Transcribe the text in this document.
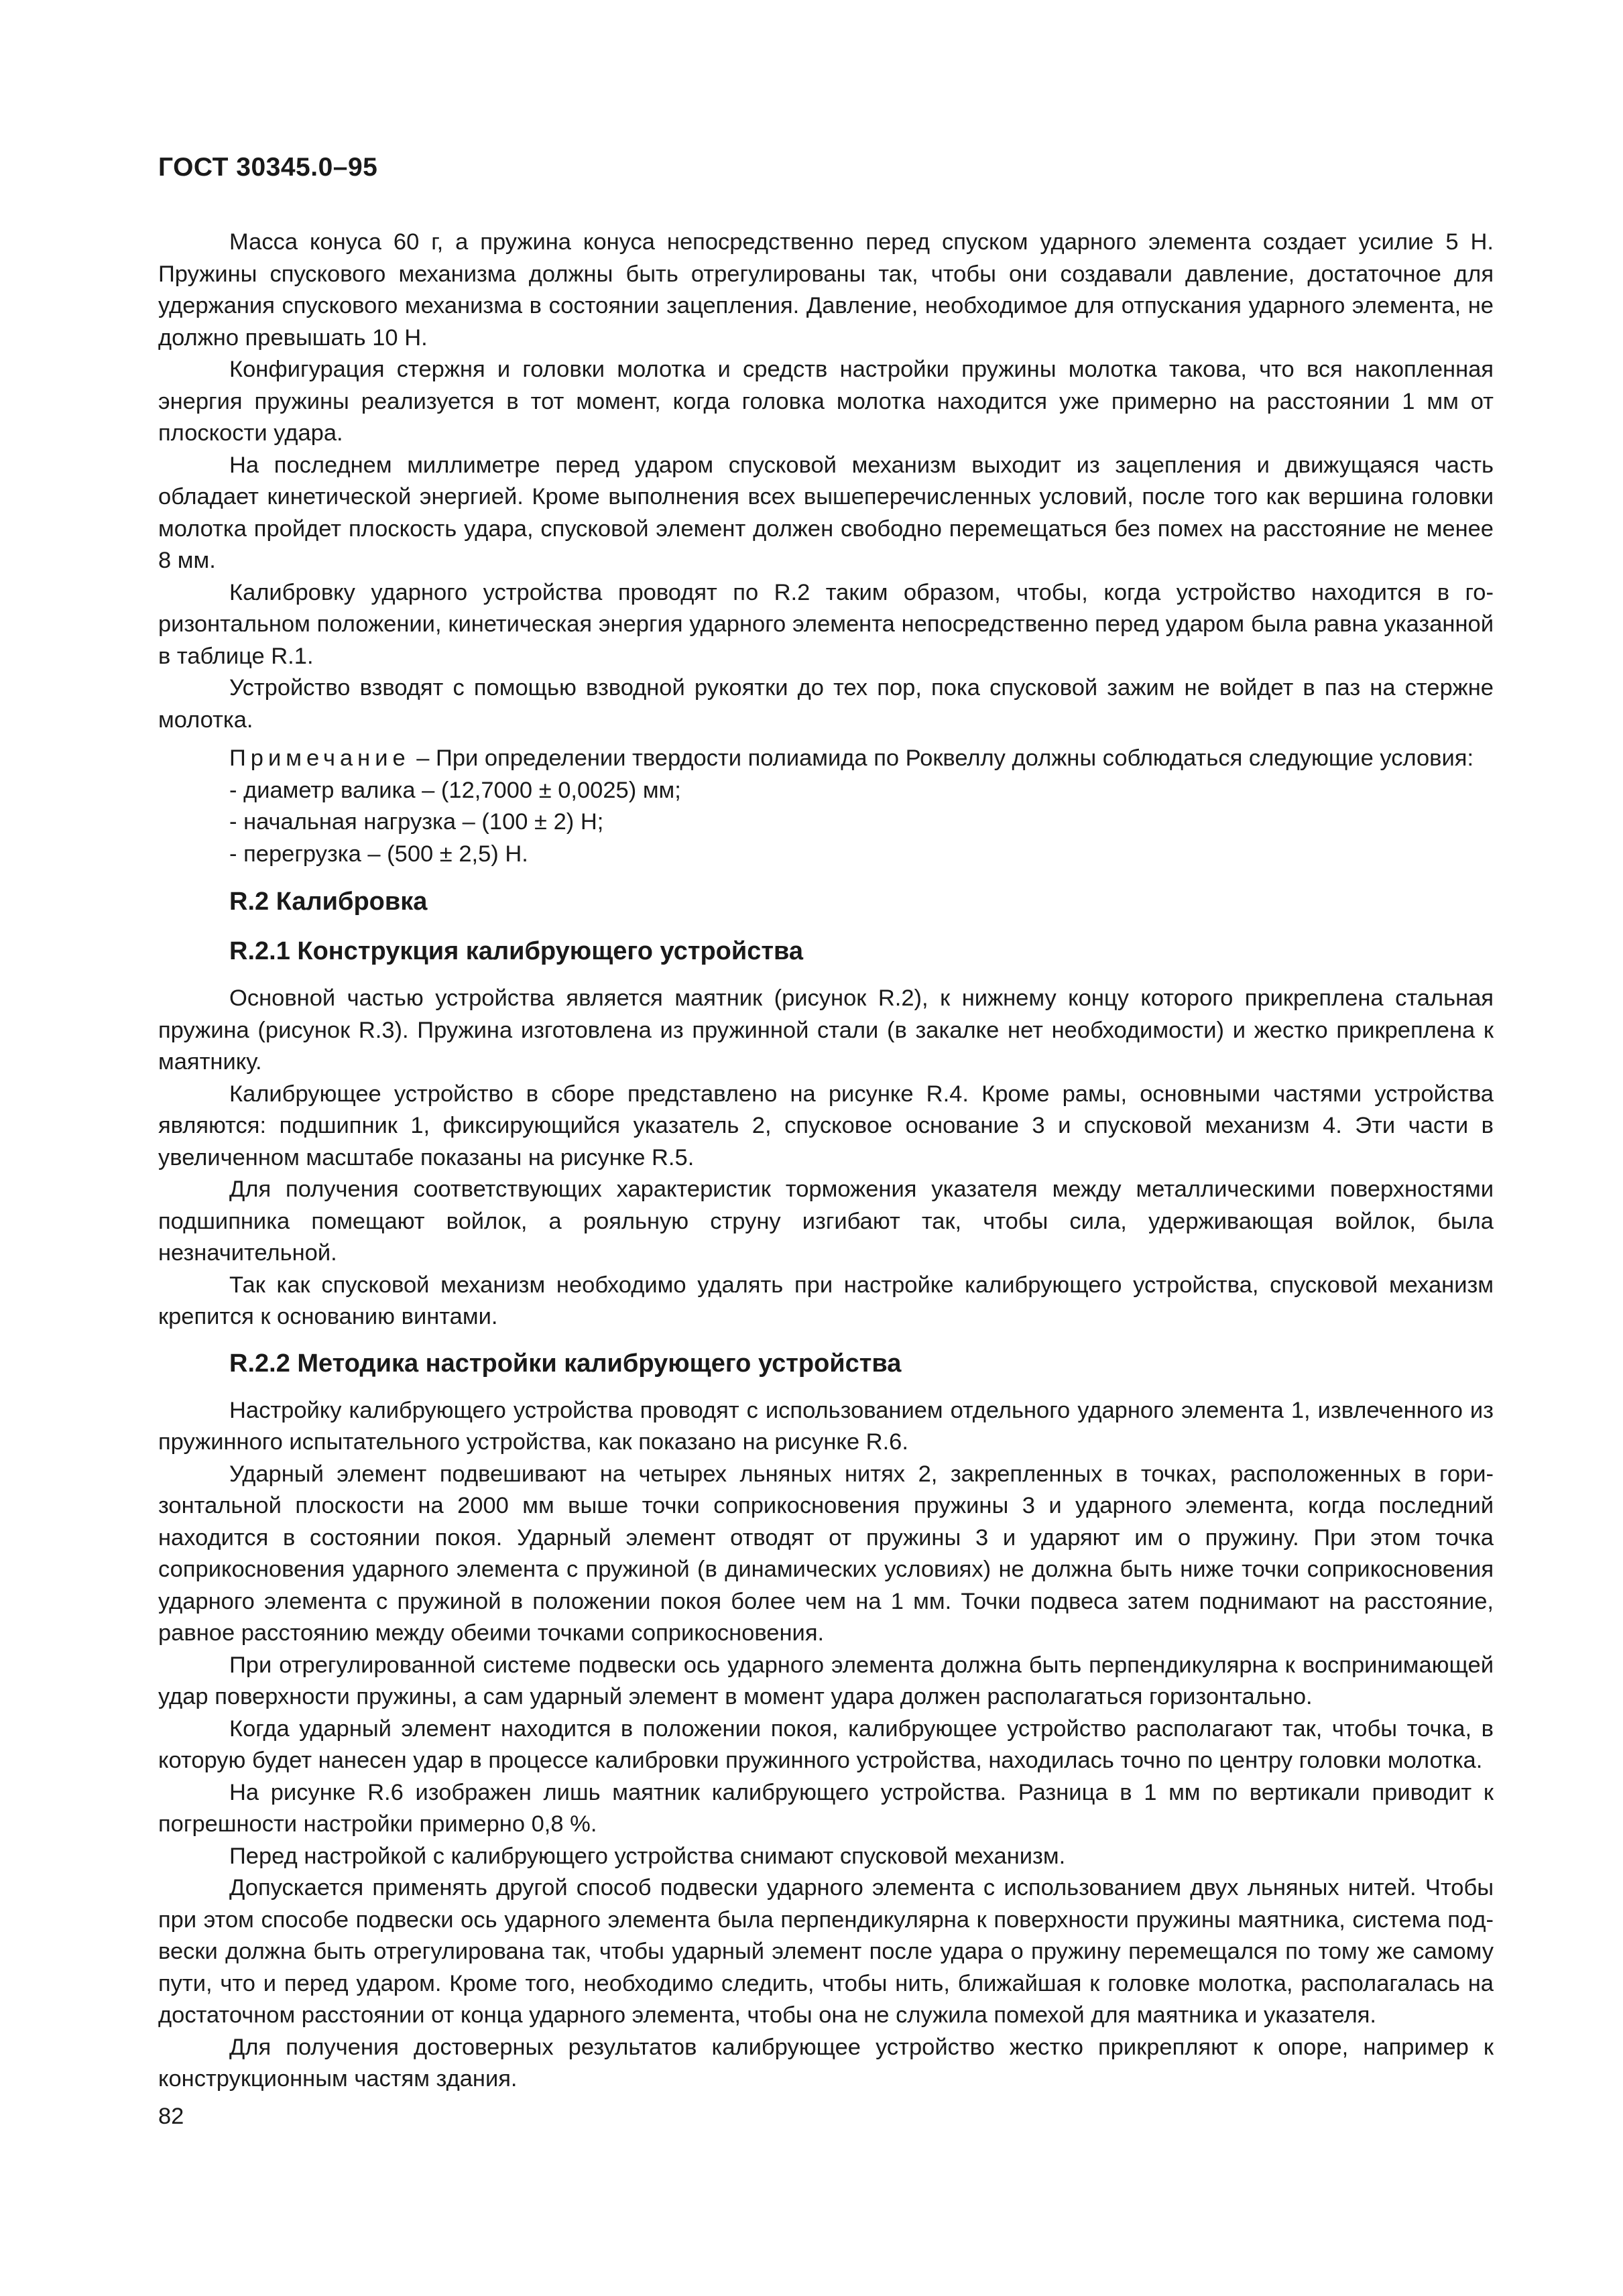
ГОСТ 30345.0–95

Масса конуса 60 г, а пружина конуса непосредственно перед спуском ударного элемента создает усилие 5 Н. Пружины спускового механизма должны быть отрегулированы так, чтобы они создавали давление, достаточное для удержания спускового механизма в состоянии зацепления. Давление, необходимое для отпускания ударного элемента, не должно превышать 10 Н.

Конфигурация стержня и головки молотка и средств настройки пружины молотка такова, что вся накопленная энергия пружины реализуется в тот момент, когда головка молотка находится уже примерно на расстоянии 1 мм от плоскости удара.

На последнем миллиметре перед ударом спусковой механизм выходит из зацепления и движущаяся часть обладает кинетической энергией. Кроме выполнения всех вышеперечисленных условий, после того как вершина головки молотка пройдет плоскость удара, спусковой элемент должен свободно перемещаться без помех на расстояние не менее 8 мм.

Калибровку ударного устройства проводят по R.2 таким образом, чтобы, когда устройство находится в горизонтальном положении, кинетическая энергия ударного элемента непосредственно перед ударом была равна указанной в таблице R.1.

Устройство взводят с помощью взводной рукоятки до тех пор, пока спусковой зажим не войдет в паз на стержне молотка.

Примечание – При определении твердости полиамида по Роквеллу должны соблюдаться следующие условия:

- диаметр валика – (12,7000 ± 0,0025) мм;
- начальная нагрузка – (100 ± 2) Н;
- перегрузка – (500 ± 2,5) Н.
R.2 Калибровка
R.2.1 Конструкция калибрующего устройства

Основной частью устройства является маятник (рисунок R.2), к нижнему концу которого прикреплена стальная пружина (рисунок R.3). Пружина изготовлена из пружинной стали (в закалке нет необходимости) и жестко прикреплена к маятнику.

Калибрующее устройство в сборе представлено на рисунке R.4. Кроме рамы, основными частями устройства являются: подшипник 1, фиксирующийся указатель 2, спусковое основание 3 и спусковой механизм 4. Эти части в увеличенном масштабе показаны на рисунке R.5.

Для получения соответствующих характеристик торможения указателя между металлическими поверхностями подшипника помещают войлок, а рояльную струну изгибают так, чтобы сила, удерживающая войлок, была незначительной.

Так как спусковой механизм необходимо удалять при настройке калибрующего устройства, спусковой механизм крепится к основанию винтами.

R.2.2 Методика настройки калибрующего устройства

Настройку калибрующего устройства проводят с использованием отдельного ударного элемента 1, извлеченного из пружинного испытательного устройства, как показано на рисунке R.6.

Ударный элемент подвешивают на четырех льняных нитях 2, закрепленных в точках, расположенных в горизонтальной плоскости на 2000 мм выше точки соприкосновения пружины 3 и ударного элемента, когда последний находится в состоянии покоя. Ударный элемент отводят от пружины 3 и ударяют им о пружину. При этом точка соприкосновения ударного элемента с пружиной (в динамических условиях) не должна быть ниже точки соприкосновения ударного элемента с пружиной в положении покоя более чем на 1 мм. Точки подвеса затем поднимают на расстояние, равное расстоянию между обеими точками соприкосновения.

При отрегулированной системе подвески ось ударного элемента должна быть перпендикулярна к воспринимающей удар поверхности пружины, а сам ударный элемент в момент удара должен располагаться горизонтально.

Когда ударный элемент находится в положении покоя, калибрующее устройство располагают так, чтобы точка, в которую будет нанесен удар в процессе калибровки пружинного устройства, находилась точно по центру головки молотка.

На рисунке R.6 изображен лишь маятник калибрующего устройства. Разница в 1 мм по вертикали приводит к погрешности настройки примерно 0,8 %.

Перед настройкой с калибрующего устройства снимают спусковой механизм.

Допускается применять другой способ подвески ударного элемента с использованием двух льняных нитей. Чтобы при этом способе подвески ось ударного элемента была перпендикулярна к поверхности пружины маятника, система подвески должна быть отрегулирована так, чтобы ударный элемент после удара о пружину перемещался по тому же самому пути, что и перед ударом. Кроме того, необходимо следить, чтобы нить, ближайшая к головке молотка, располагалась на достаточном расстоянии от конца ударного элемента, чтобы она не служила помехой для маятника и указателя.

Для получения достоверных результатов калибрующее устройство жестко прикрепляют к опоре, например к конструкционным частям здания.

82
